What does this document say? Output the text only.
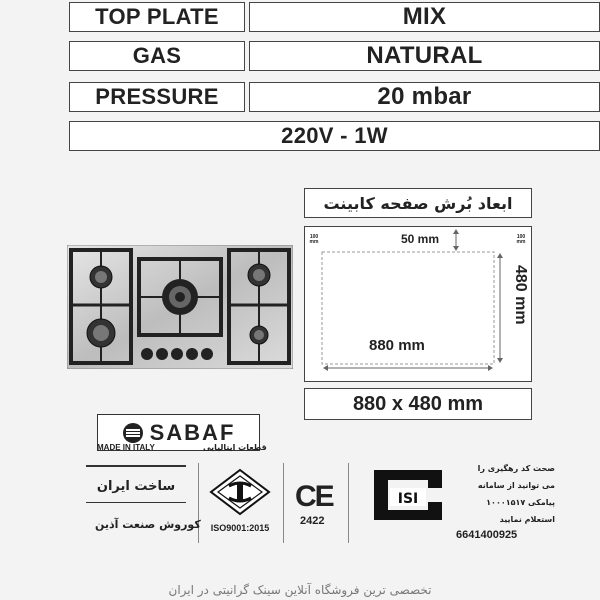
TOP PLATE	MIX
GAS	NATURAL
PRESSURE	20 mbar
220V - 1W
ابعاد بُرش صفحه کابینت
100
mm
100
mm
50 mm
480 mm
880 mm
880 x 480 mm
SABAF
MADE IN ITALY	قطعات ایتالیایی
ساخت ایران
کوروش صنعت آذین	ISO9001:2015
CE
2422
ISI
صحت کد رهگیری را
می توانید از سامانه
پیامکی ۱۰۰۰۱۵۱۷
استعلام نمایید
6641400925
تخصصی ترین فروشگاه آنلاین سینک گرانیتی در ایران
